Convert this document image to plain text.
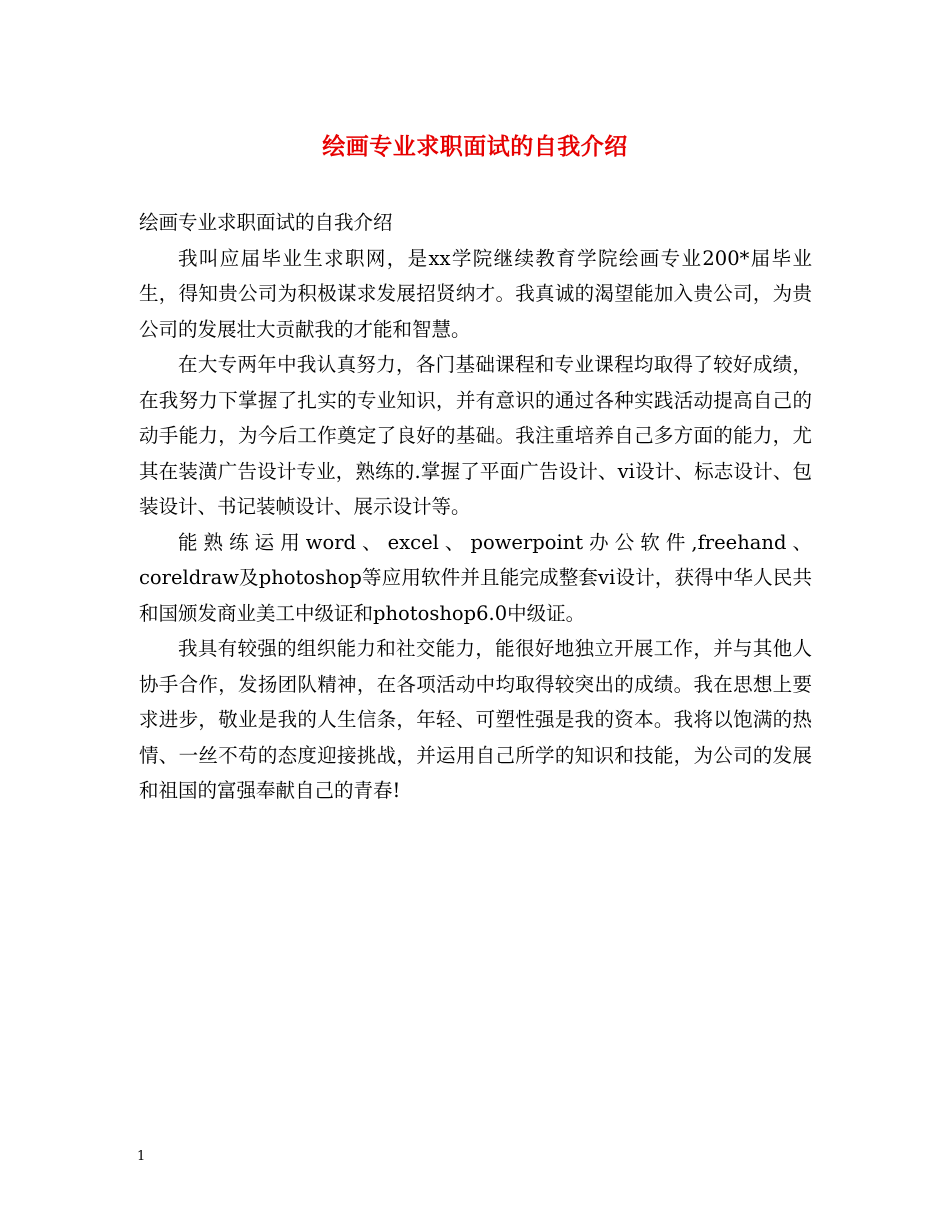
绘画专业求职面试的自我介绍

绘画专业求职面试的自我介绍

我叫应届毕业生求职网，是xx学院继续教育学院绘画专业200*届毕业生，得知贵公司为积极谋求发展招贤纳才。我真诚的渴望能加入贵公司，为贵公司的发展壮大贡献我的才能和智慧。

在大专两年中我认真努力，各门基础课程和专业课程均取得了较好成绩，在我努力下掌握了扎实的专业知识，并有意识的通过各种实践活动提高自己的动手能力，为今后工作奠定了良好的基础。我注重培养自己多方面的能力，尤其在装潢广告设计专业，熟练的.掌握了平面广告设计、vi设计、标志设计、包装设计、书记装帧设计、展示设计等。

能熟练运用word、excel、powerpoint办公软件,freehand、coreldraw及photoshop等应用软件并且能完成整套vi设计，获得中华人民共和国颁发商业美工中级证和photoshop6.0中级证。

我具有较强的组织能力和社交能力，能很好地独立开展工作，并与其他人协手合作，发扬团队精神，在各项活动中均取得较突出的成绩。我在思想上要求进步，敬业是我的人生信条，年轻、可塑性强是我的资本。我将以饱满的热情、一丝不苟的态度迎接挑战，并运用自己所学的知识和技能，为公司的发展和祖国的富强奉献自己的青春!

1
